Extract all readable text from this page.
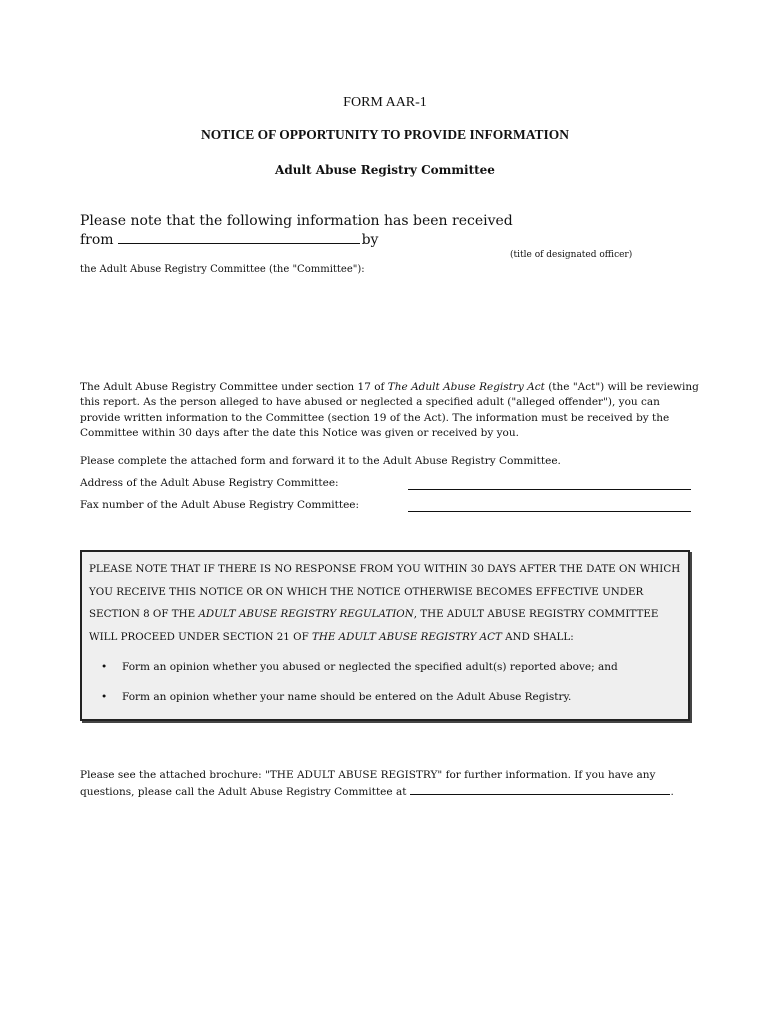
FORM AAR-1
NOTICE OF OPPORTUNITY TO PROVIDE INFORMATION
Adult Abuse Registry Committee
Please note that the following information has been received
from	by
(title of designated officer)
the Adult Abuse Registry Committee (the "Committee"):
The Adult Abuse Registry Committee under section 17 of The Adult Abuse Registry Act (the "Act") will be reviewing this report. As the person alleged to have abused or neglected a specified adult ("alleged offender"), you can provide written information to the Committee (section 19 of the Act). The information must be received by the Committee within 30 days after the date this Notice was given or received by you.
Please complete the attached form and forward it to the Adult Abuse Registry Committee.
Address of the Adult Abuse Registry Committee:
Fax number of the Adult Abuse Registry Committee:
PLEASE NOTE THAT IF THERE IS NO RESPONSE FROM YOU WITHIN 30 DAYS AFTER THE DATE ON WHICH YOU RECEIVE THIS NOTICE OR ON WHICH THE NOTICE OTHERWISE BECOMES EFFECTIVE UNDER SECTION 8 OF THE ADULT ABUSE REGISTRY REGULATION, THE ADULT ABUSE REGISTRY COMMITTEE WILL PROCEED UNDER SECTION 21 OF THE ADULT ABUSE REGISTRY ACT AND SHALL:
• Form an opinion whether you abused or neglected the specified adult(s) reported above; and
• Form an opinion whether your name should be entered on the Adult Abuse Registry.
Please see the attached brochure: "THE ADULT ABUSE REGISTRY" for further information. If you have any questions, please call the Adult Abuse Registry Committee at	.
